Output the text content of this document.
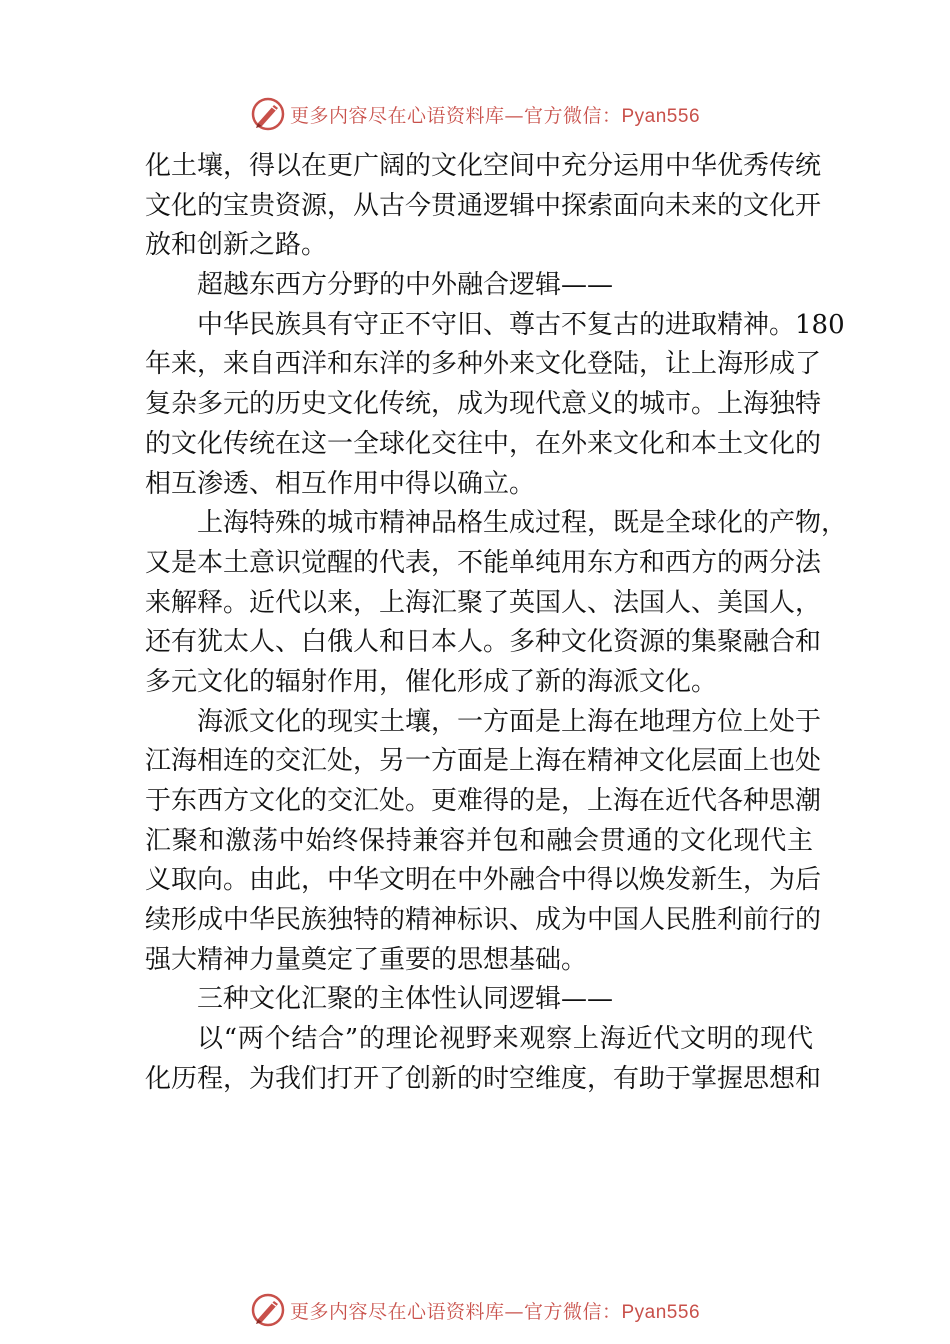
更多内容尽在心语资料库—官方微信：Pyan556
化土壤，得以在更广阔的文化空间中充分运用中华优秀传统
文化的宝贵资源，从古今贯通逻辑中探索面向未来的文化开
放和创新之路。
超越东西方分野的中外融合逻辑——
中华民族具有守正不守旧、尊古不复古的进取精神。180
年来，来自西洋和东洋的多种外来文化登陆，让上海形成了
复杂多元的历史文化传统，成为现代意义的城市。上海独特
的文化传统在这一全球化交往中，在外来文化和本土文化的
相互渗透、相互作用中得以确立。
上海特殊的城市精神品格生成过程，既是全球化的产物，
又是本土意识觉醒的代表，不能单纯用东方和西方的两分法
来解释。近代以来，上海汇聚了英国人、法国人、美国人，
还有犹太人、白俄人和日本人。多种文化资源的集聚融合和
多元文化的辐射作用，催化形成了新的海派文化。
海派文化的现实土壤，一方面是上海在地理方位上处于
江海相连的交汇处，另一方面是上海在精神文化层面上也处
于东西方文化的交汇处。更难得的是，上海在近代各种思潮
汇聚和激荡中始终保持兼容并包和融会贯通的文化现代主
义取向。由此，中华文明在中外融合中得以焕发新生，为后
续形成中华民族独特的精神标识、成为中国人民胜利前行的
强大精神力量奠定了重要的思想基础。
三种文化汇聚的主体性认同逻辑——
以“两个结合”的理论视野来观察上海近代文明的现代
化历程，为我们打开了创新的时空维度，有助于掌握思想和
更多内容尽在心语资料库—官方微信：Pyan556
